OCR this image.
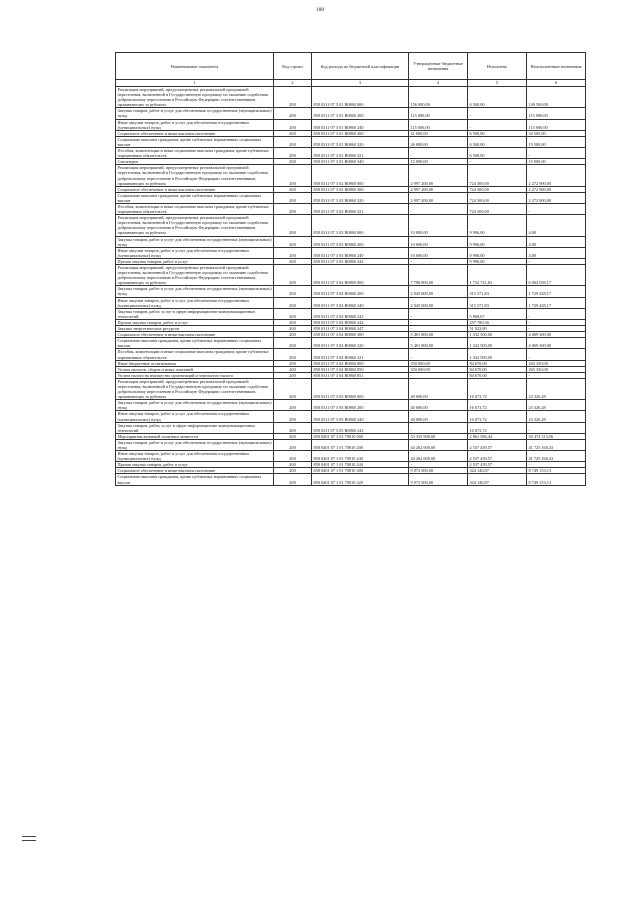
180
Наименование показателя	Код строки	Код расхода по бюджетной классификации	Утвержденные бюджетные назначения	Исполнено	Неисполненные назначения
1	2	3	4	5	6
Реализация мероприятий, предусмотренных региональной программой переселения, включенной в Государственную программу по оказанию содействия добровольному переселению в Российскую Федерацию соотечественников, проживающих за рубежом	200	858 0311 07 3 01 R0860 000	156 000,00	6 500,00	149 500,00
Закупка товаров, работ и услуг для обеспечения государственных (муниципальных) нужд	200	858 0311 07 3 01 R0860 200	115 000,00	-	115 000,00
Иные закупки товаров, работ и услуг для обеспечения государственных (муниципальных) нужд	200	858 0311 07 3 01 R0860 240	115 000,00	-	115 000,00
Социальное обеспечение и иные выплаты населению	200	858 0311 07 3 01 R0860 300	41 000,00	6 500,00	34 500,00
Социальные выплаты гражданам, кроме публичных нормативных социальных выплат	200	858 0311 07 3 01 R0860 320	26 000,00	6 500,00	19 500,00
Пособия, компенсации и иные социальные выплаты гражданам, кроме публичных нормативных обязательств	200	858 0311 07 3 01 R0860 321	-	6 500,00	-
Стипендии	200	858 0311 07 3 01 R0860 340	15 000,00	-	15 000,00
Реализация мероприятий, предусмотренных региональной программой переселения, включенной в Государственную программу по оказанию содействия добровольному переселению в Российскую Федерацию соотечественников, проживающих за рубежом	200	858 0311 07 3 02 R0860 000	2 997 200,00	724 300,00	2 272 900,00
Социальное обеспечение и иные выплаты населению	200	858 0311 07 3 02 R0860 300	2 997 200,00	724 300,00	2 272 900,00
Социальные выплаты гражданам, кроме публичных нормативных социальных выплат	200	858 0311 07 3 02 R0860 320	2 997 200,00	724 300,00	2 272 900,00
Пособия, компенсации и иные социальные выплаты гражданам, кроме публичных нормативных обязательств	200	858 0311 07 3 02 R0860 321	-	724 300,00	-
Реализация мероприятий, предусмотренных региональной программой переселения, включенной в Государственную программу по оказанию содействия добровольному переселению в Российскую Федерацию соотечественников, проживающих за рубежом	200	858 0311 07 3 03 R0860 000	10 000,00	9 996,00	4,00
Закупка товаров, работ и услуг для обеспечения государственных (муниципальных) нужд	200	858 0311 07 3 03 R0860 200	10 000,00	9 996,00	4,00
Иные закупки товаров, работ и услуг для обеспечения государственных (муниципальных) нужд	200	858 0311 07 3 03 R0860 240	10 000,00	9 996,00	4,00
Прочая закупка товаров, работ и услуг	200	858 0311 07 3 03 R0860 244	-	9 996,00	-
Реализация мероприятий, предусмотренных региональной программой переселения, включенной в Государственную программу по оказанию содействия добровольному переселению в Российскую Федерацию соотечественников, проживающих за рубежом	200	858 0311 07 3 04 R0860 000	7 796 800,00	1 732 741,83	6 064 058,17
Закупка товаров, работ и услуг для обеспечения государственных (муниципальных) нужд	200	858 0311 07 3 04 R0860 200	2 045 000,00	315 571,83	1 729 428,17
Иные закупки товаров, работ и услуг для обеспечения государственных (муниципальных) нужд	200	858 0311 07 3 04 R0860 240	2 045 000,00	315 571,83	1 729 428,17
Закупка товаров, работ, услуг в сфере информационно-коммуникационных технологий	200	858 0311 07 3 04 R0860 242	-	5 868,67	-
Прочая закупка товаров, работ и услуг	200	858 0311 07 3 04 R0860 244	-	257 780,36	-
Закупка энергетических ресурсов	200	858 0311 07 3 04 R0860 247	-	51 922,80	-
Социальное обеспечение и иные выплаты населению	200	858 0311 07 3 04 R0860 300	5 401 800,00	1 332 500,00	4 069 300,00
Социальные выплаты гражданам, кроме публичных нормативных социальных выплат	200	858 0311 07 3 04 R0860 320	5 401 800,00	1 332 500,00	4 069 300,00
Пособия, компенсации и иные социальные выплаты гражданам, кроме публичных нормативных обязательств	200	858 0311 07 3 04 R0860 321	-	1 332 500,00	-
Иные бюджетные ассигнования	200	858 0311 07 3 04 R0860 800	350 000,00	84 670,00	265 330,00
Уплата налогов, сборов и иных платежей	200	858 0311 07 3 04 R0860 850	350 000,00	84 670,00	265 330,00
Уплата налога на имущество организаций и земельного налога	200	858 0311 07 3 04 R0860 851	-	84 670,00	-
Реализация мероприятий, предусмотренных региональной программой переселения, включенной в Государственную программу по оказанию содействия добровольному переселению в Российскую Федерацию соотечественников, проживающих за рубежом	200	858 0311 07 3 05 R0860 000	40 000,00	16 673,72	23 326,28
Закупка товаров, работ и услуг для обеспечения государственных (муниципальных) нужд	200	858 0311 07 3 05 R0860 200	40 000,00	16 673,72	23 326,28
Иные закупки товаров, работ и услуг для обеспечения государственных (муниципальных) нужд	200	858 0311 07 3 05 R0860 240	40 000,00	16 673,72	23 326,28
Закупка товаров, работ, услуг в сфере информационно-коммуникационных технологий	200	858 0311 07 3 05 R0860 242	-	16 673,72	-
Мероприятия активной политики занятости	200	858 0401 07 1 01 70810 000	53 335 900,00	2 861 586,44	50 474 313,56
Закупка товаров, работ и услуг для обеспечения государственных (муниципальных) нужд	200	858 0401 07 1 01 70810 200	44 262 600,00	2 537 439,57	41 725 160,43
Иные закупки товаров, работ и услуг для обеспечения государственных (муниципальных) нужд	200	858 0401 07 1 01 70810 240	44 262 600,00	2 537 439,57	41 725 160,43
Прочая закупка товаров, работ и услуг	200	858 0401 07 1 01 70810 244	-	2 537 439,57	-
Социальное обеспечение и иные выплаты населению	200	858 0401 07 1 01 70810 300	9 073 300,00	324 146,87	8 749 153,13
Социальные выплаты гражданам, кроме публичных нормативных социальных выплат	200	858 0401 07 1 01 70810 320	9 073 300,00	324 146,87	8 749 153,13
